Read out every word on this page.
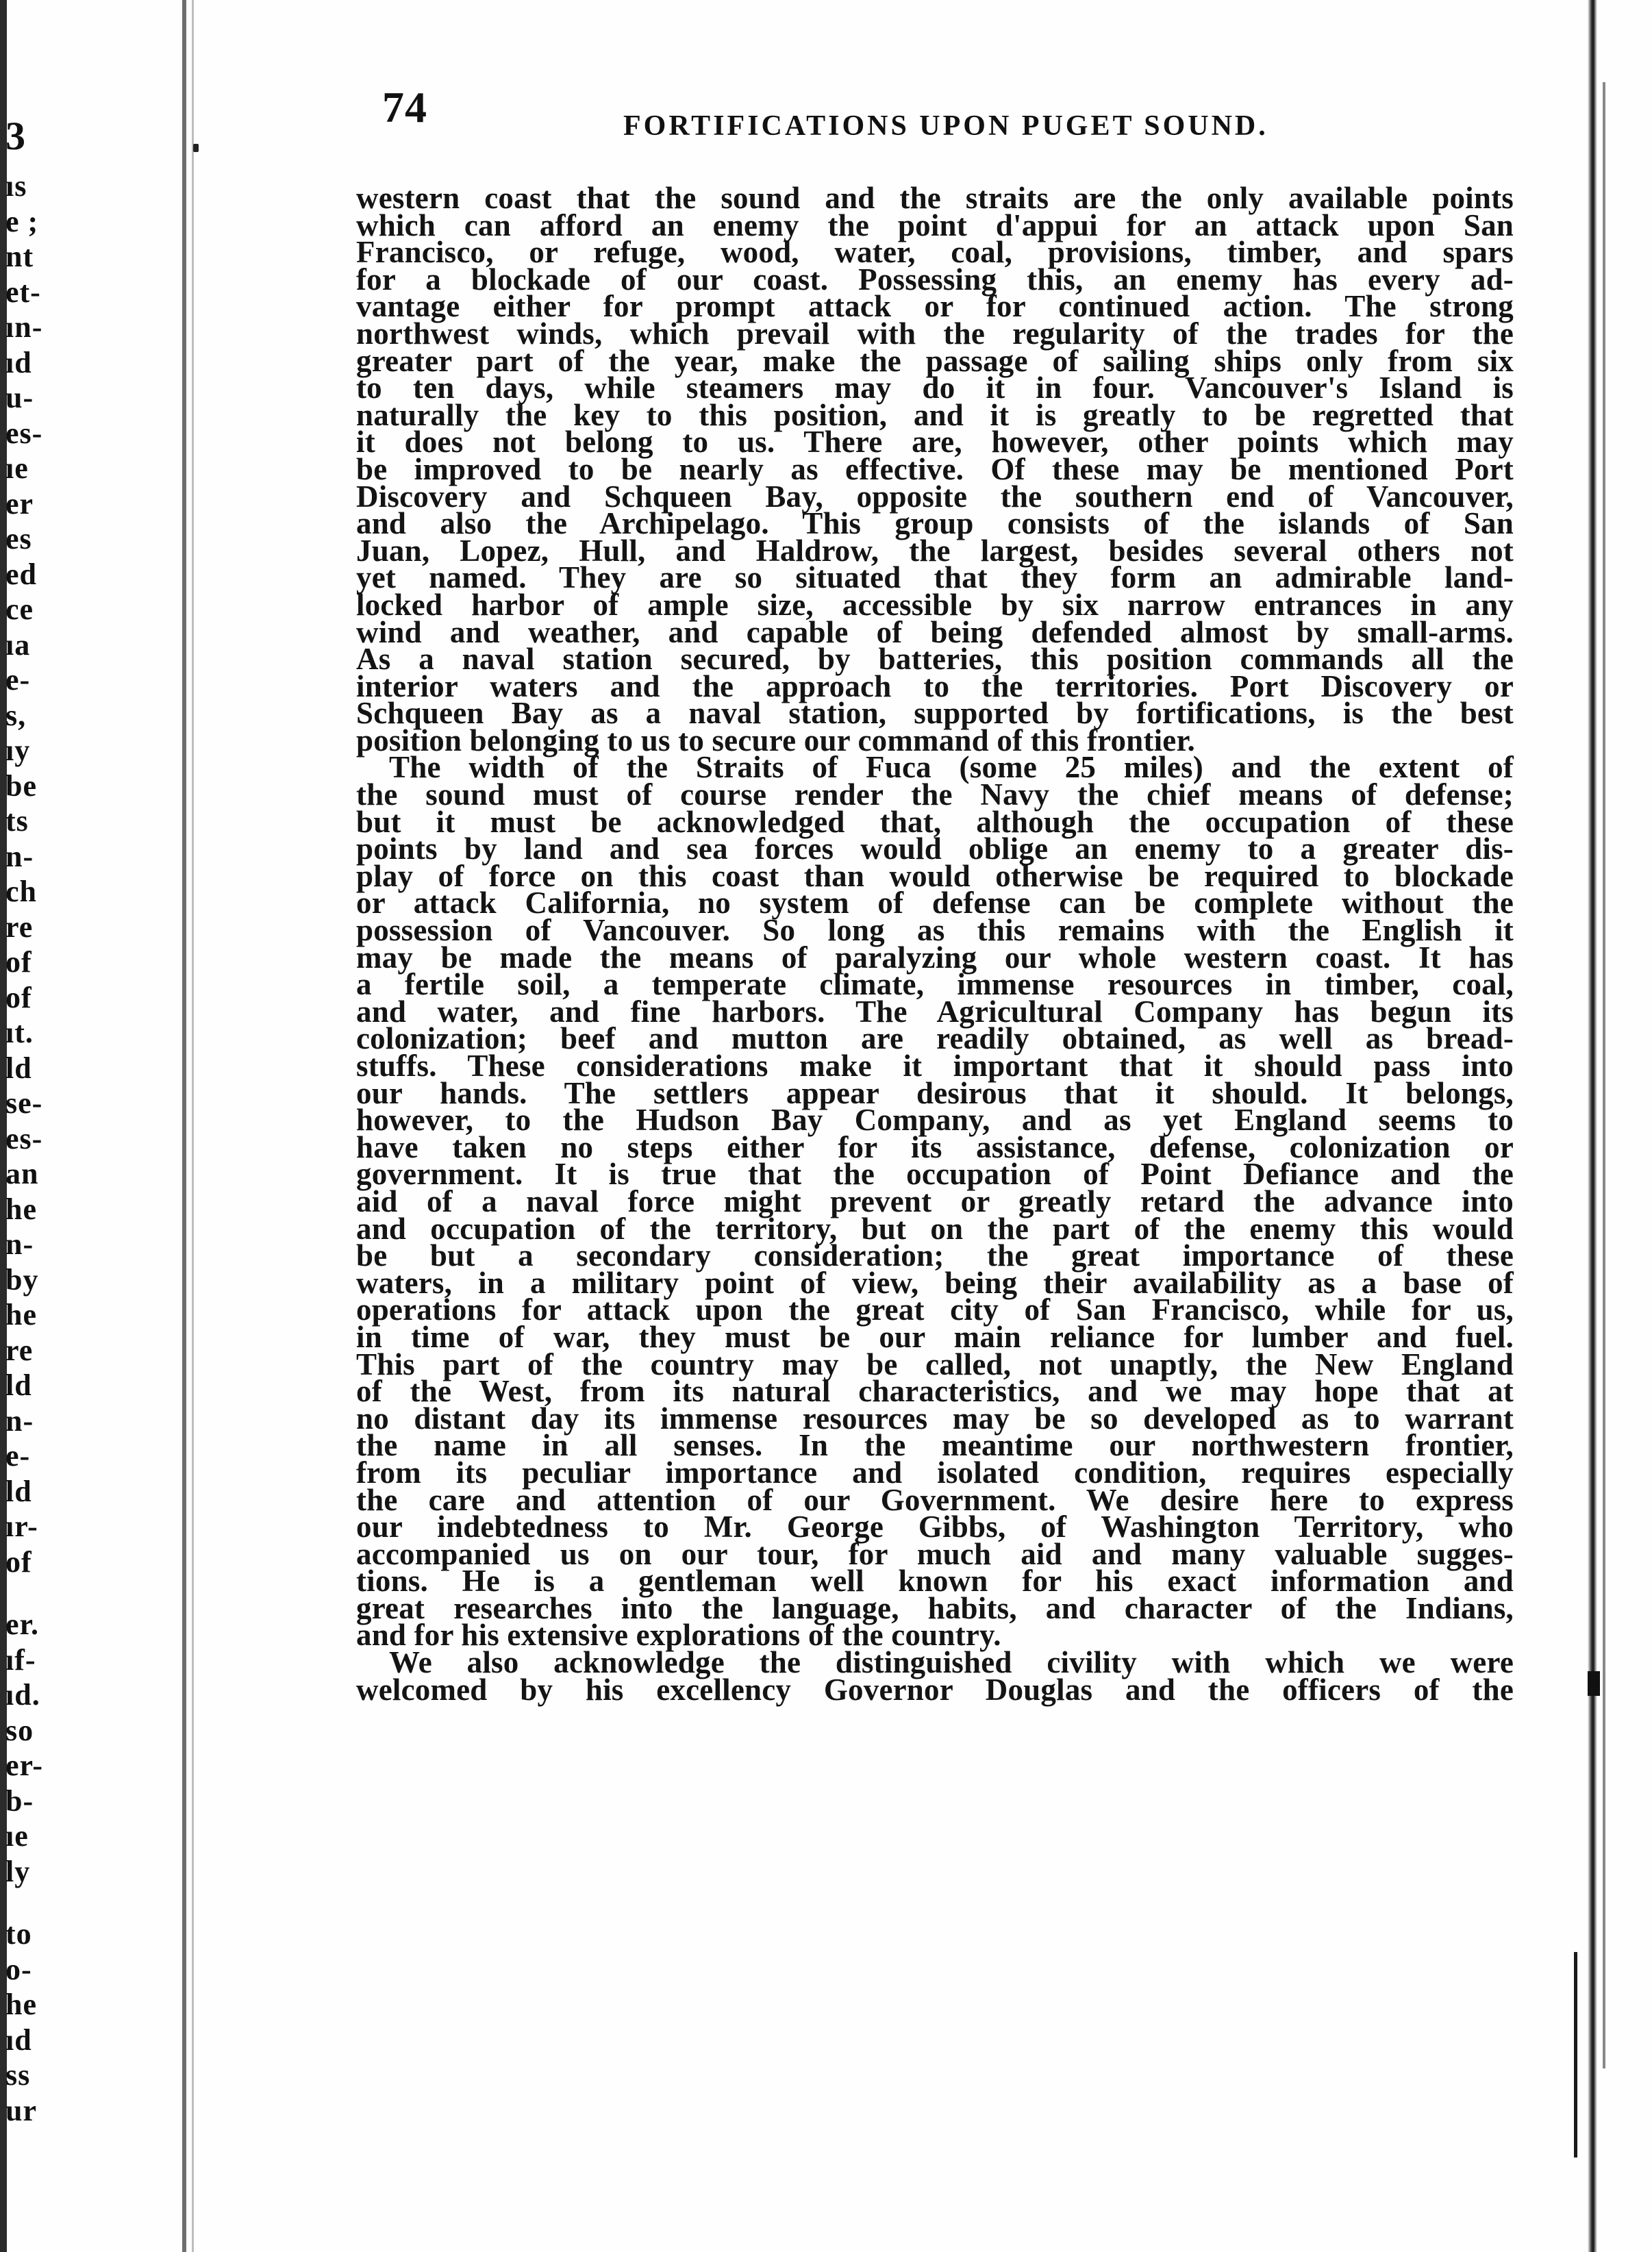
3
ıs
e ;
nt
et-
ın-
ıd
u-
es-
ıe
er
es
ed
ce
ıa
e-
s,
ıy
be
ts
n-
ch
re
of
of
ıt.
ld
se-
es-
an
he
n-
by
he
re
ld
n-
e-
ld
ır-
of
er.
ıf-
ıd.
so
er-
b-
ıe
ly
to
o-
he
ıd
ss
ur
74	FORTIFICATIONS UPON PUGET SOUND.
western coast that the sound and the straits are the only available points
which can afford an enemy the point d'appui for an attack upon San
Francisco, or refuge, wood, water, coal, provisions, timber, and spars
for a blockade of our coast. Possessing this, an enemy has every ad-
vantage either for prompt attack or for continued action. The strong
northwest winds, which prevail with the regularity of the trades for the
greater part of the year, make the passage of sailing ships only from six
to ten days, while steamers may do it in four. Vancouver's Island is
naturally the key to this position, and it is greatly to be regretted that
it does not belong to us. There are, however, other points which may
be improved to be nearly as effective. Of these may be mentioned Port
Discovery and Schqueen Bay, opposite the southern end of Vancouver,
and also the Archipelago. This group consists of the islands of San
Juan, Lopez, Hull, and Haldrow, the largest, besides several others not
yet named. They are so situated that they form an admirable land-
locked harbor of ample size, accessible by six narrow entrances in any
wind and weather, and capable of being defended almost by small-arms.
As a naval station secured, by batteries, this position commands all the
interior waters and the approach to the territories. Port Discovery or
Schqueen Bay as a naval station, supported by fortifications, is the best
position belonging to us to secure our command of this frontier.
The width of the Straits of Fuca (some 25 miles) and the extent of
the sound must of course render the Navy the chief means of defense;
but it must be acknowledged that, although the occupation of these
points by land and sea forces would oblige an enemy to a greater dis-
play of force on this coast than would otherwise be required to blockade
or attack California, no system of defense can be complete without the
possession of Vancouver. So long as this remains with the English it
may be made the means of paralyzing our whole western coast. It has
a fertile soil, a temperate climate, immense resources in timber, coal,
and water, and fine harbors. The Agricultural Company has begun its
colonization; beef and mutton are readily obtained, as well as bread-
stuffs. These considerations make it important that it should pass into
our hands. The settlers appear desirous that it should. It belongs,
however, to the Hudson Bay Company, and as yet England seems to
have taken no steps either for its assistance, defense, colonization or
government. It is true that the occupation of Point Defiance and the
aid of a naval force might prevent or greatly retard the advance into
and occupation of the territory, but on the part of the enemy this would
be but a secondary consideration; the great importance of these
waters, in a military point of view, being their availability as a base of
operations for attack upon the great city of San Francisco, while for us,
in time of war, they must be our main reliance for lumber and fuel.
This part of the country may be called, not unaptly, the New England
of the West, from its natural characteristics, and we may hope that at
no distant day its immense resources may be so developed as to warrant
the name in all senses. In the meantime our northwestern frontier,
from its peculiar importance and isolated condition, requires especially
the care and attention of our Government. We desire here to express
our indebtedness to Mr. George Gibbs, of Washington Territory, who
accompanied us on our tour, for much aid and many valuable sugges-
tions. He is a gentleman well known for his exact information and
great researches into the language, habits, and character of the Indians,
and for his extensive explorations of the country.
We also acknowledge the distinguished civility with which we were
welcomed by his excellency Governor Douglas and the officers of the
